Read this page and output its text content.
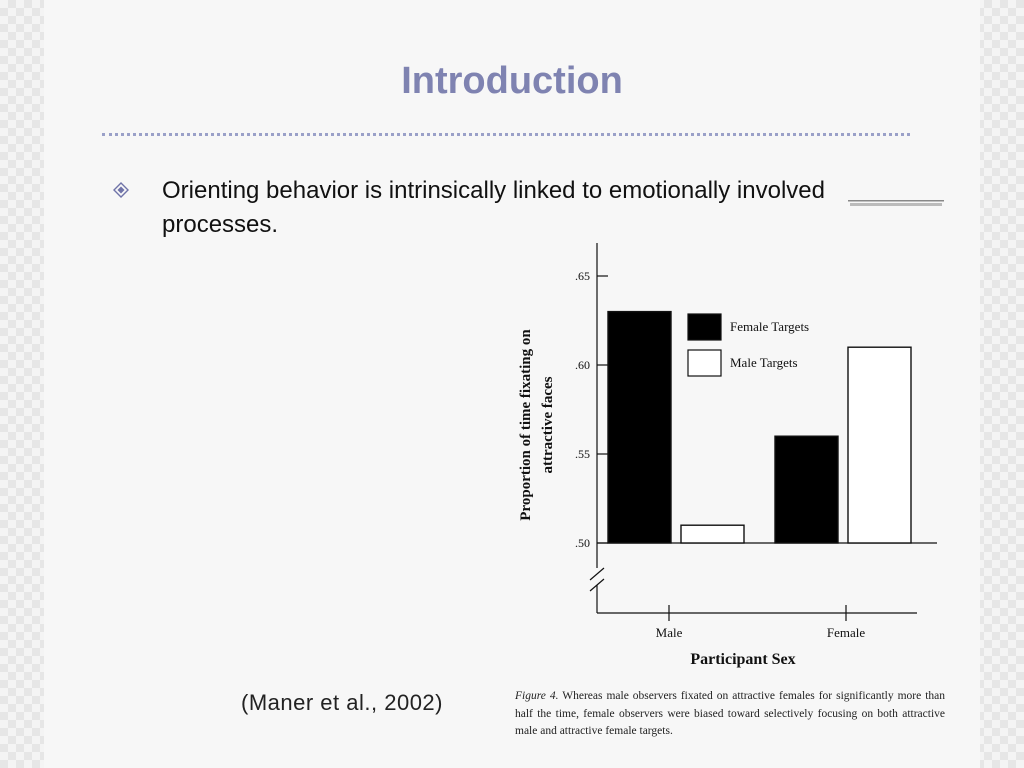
Introduction
Orienting behavior is intrinsically linked to emotionally involved processes.
(Maner et al., 2002)
Proportion of time fixating on attractive faces
.50
.55
.60
.65
Male	Female
Female Targets
Male Targets
Participant Sex
Figure 4. Whereas male observers fixated on attractive females for significantly more than half the time, female observers were biased toward selectively focusing on both attractive male and attractive female targets.
